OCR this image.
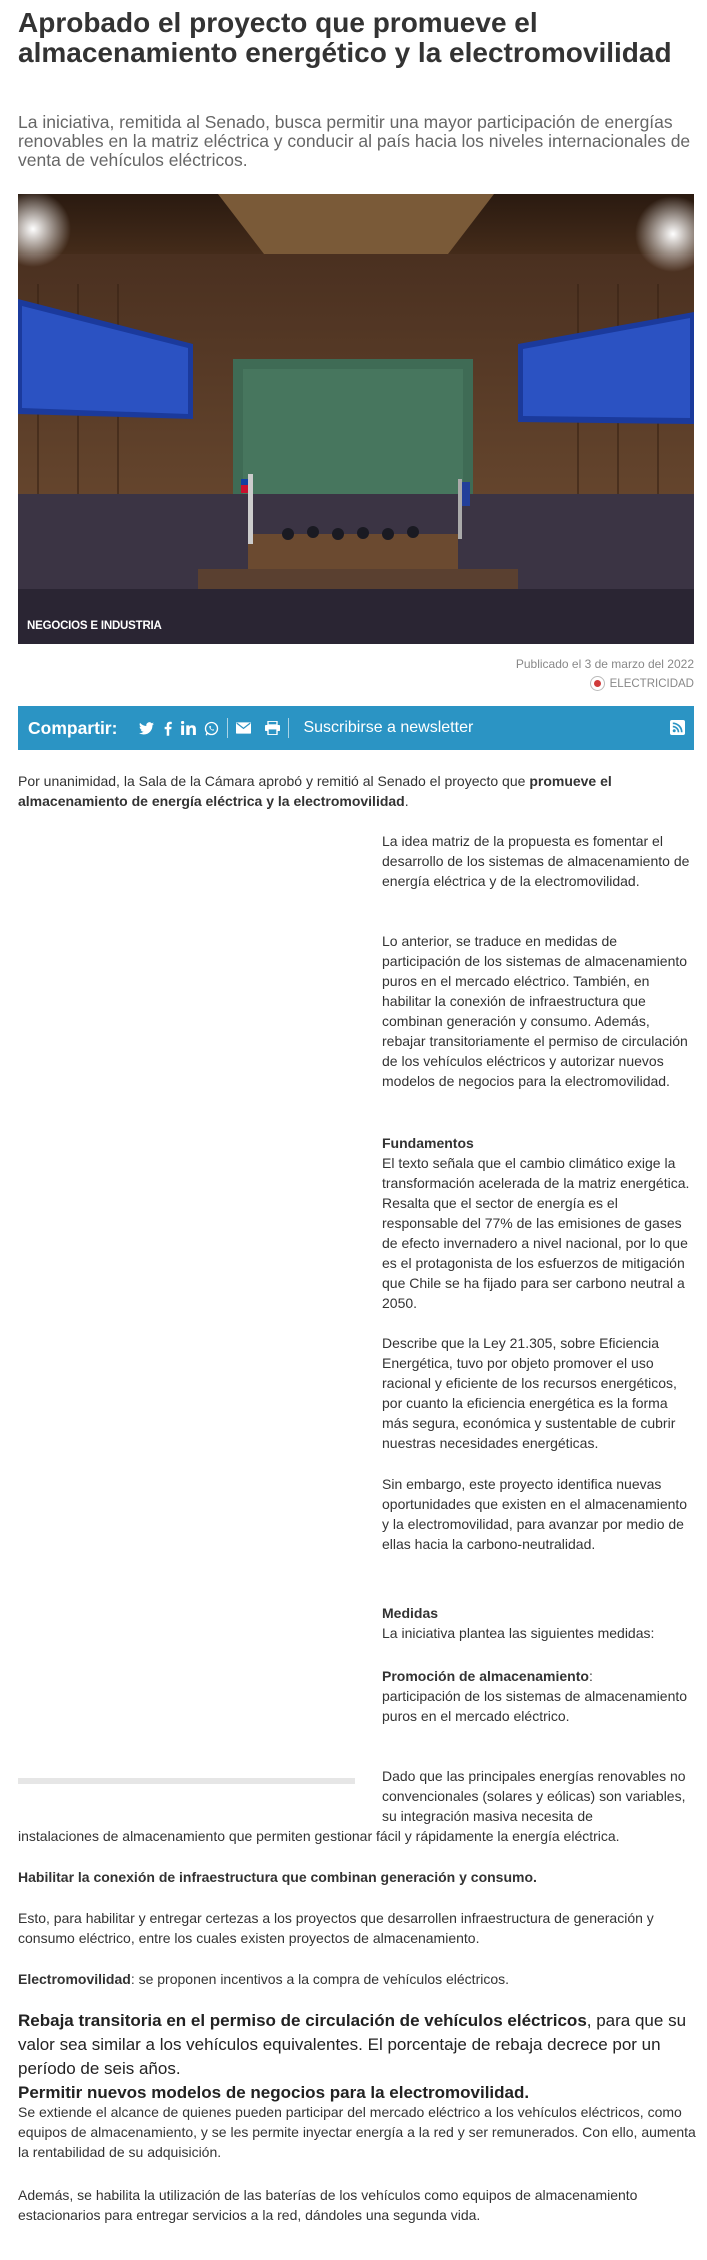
Aprobado el proyecto que promueve el almacenamiento energético y la electromovilidad

La iniciativa, remitida al Senado, busca permitir una mayor participación de energías renovables en la matriz eléctrica y conducir al país hacia los niveles internacionales de venta de vehículos eléctricos.

NEGOCIOS E INDUSTRIA
Publicado el 3 de marzo del 2022
ELECTRICIDAD
Compartir:	Suscribirse a newsletter

Por unanimidad, la Sala de la Cámara aprobó y remitió al Senado el proyecto que promueve el almacenamiento de energía eléctrica y la electromovilidad.

La idea matriz de la propuesta es fomentar el desarrollo de los sistemas de almacenamiento de energía eléctrica y de la electromovilidad.

Lo anterior, se traduce en medidas de participación de los sistemas de almacenamiento puros en el mercado eléctrico. También, en habilitar la conexión de infraestructura que combinan generación y consumo. Además, rebajar transitoriamente el permiso de circulación de los vehículos eléctricos y autorizar nuevos modelos de negocios para la electromovilidad.

Fundamentos
El texto señala que el cambio climático exige la transformación acelerada de la matriz energética. Resalta que el sector de energía es el responsable del 77% de las emisiones de gases de efecto invernadero a nivel nacional, por lo que es el protagonista de los esfuerzos de mitigación que Chile se ha fijado para ser carbono neutral a 2050.

Describe que la Ley 21.305, sobre Eficiencia Energética, tuvo por objeto promover el uso racional y eficiente de los recursos energéticos, por cuanto la eficiencia energética es la forma más segura, económica y sustentable de cubrir nuestras necesidades energéticas.

Sin embargo, este proyecto identifica nuevas oportunidades que existen en el almacenamiento y la electromovilidad, para avanzar por medio de ellas hacia la carbono-neutralidad.

Medidas
La iniciativa plantea las siguientes medidas:

Promoción de almacenamiento:
participación de los sistemas de almacenamiento puros en el mercado eléctrico.

Dado que las principales energías renovables no convencionales (solares y eólicas) son variables, su integración masiva necesita de

instalaciones de almacenamiento que permiten gestionar fácil y rápidamente la energía eléctrica.

Habilitar la conexión de infraestructura que combinan generación y consumo.

Esto, para habilitar y entregar certezas a los proyectos que desarrollen infraestructura de generación y consumo eléctrico, entre los cuales existen proyectos de almacenamiento.

Electromovilidad: se proponen incentivos a la compra de vehículos eléctricos.

Rebaja transitoria en el permiso de circulación de vehículos eléctricos, para que su valor sea similar a los vehículos equivalentes. El porcentaje de rebaja decrece por un período de seis años.
Permitir nuevos modelos de negocios para la electromovilidad.

Se extiende el alcance de quienes pueden participar del mercado eléctrico a los vehículos eléctricos, como equipos de almacenamiento, y se les permite inyectar energía a la red y ser remunerados. Con ello, aumenta la rentabilidad de su adquisición.

Además, se habilita la utilización de las baterías de los vehículos como equipos de almacenamiento estacionarios para entregar servicios a la red, dándoles una segunda vida.
